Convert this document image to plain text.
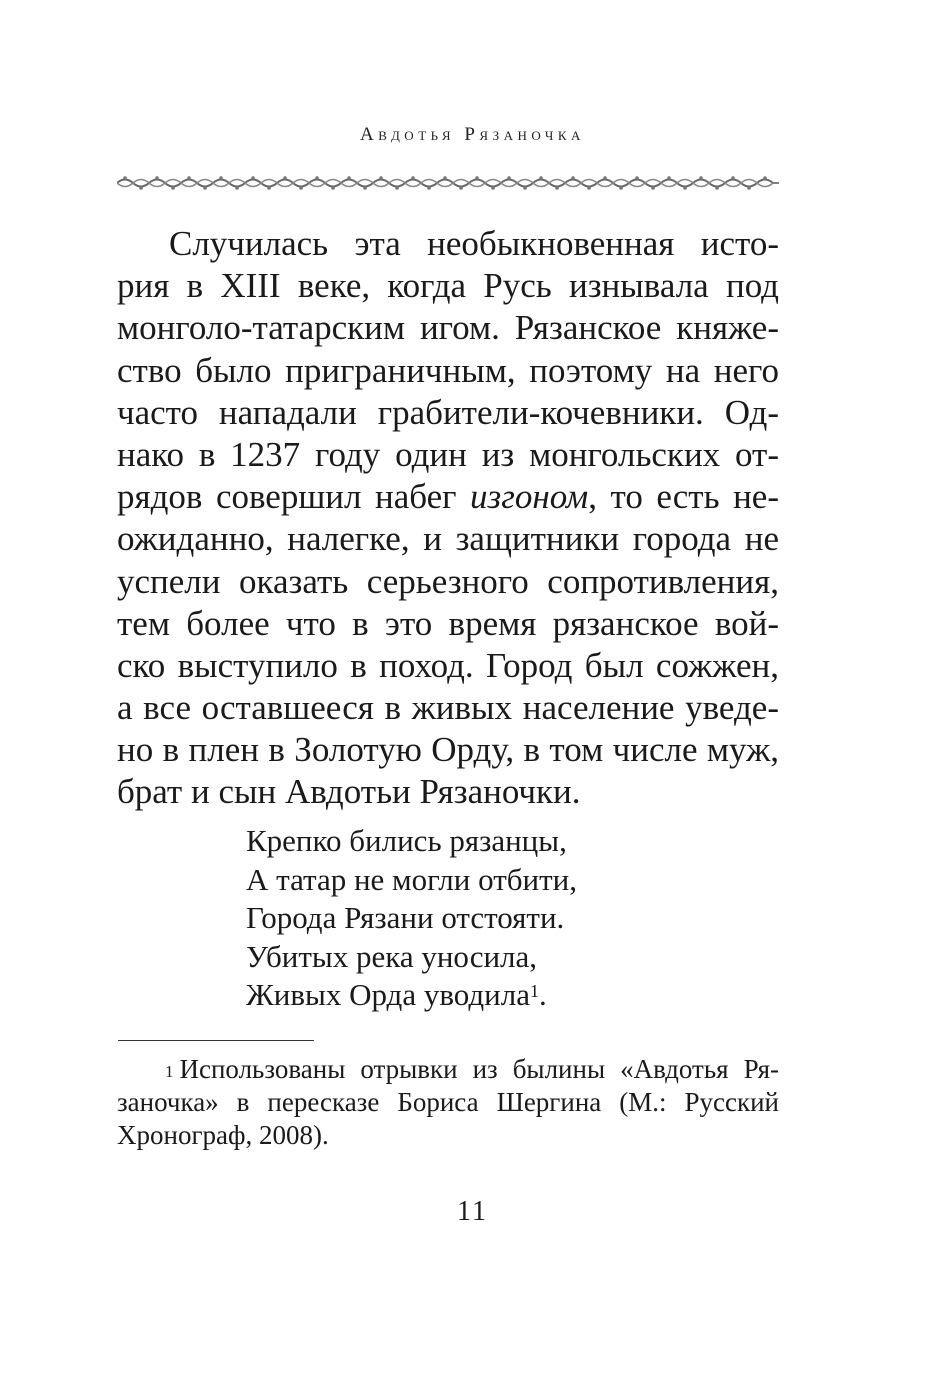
Авдотья Рязаночка
Случилась эта необыкновенная исто-
рия в XIII веке, когда Русь изнывала под
монголо-татарским игом. Рязанское княже-
ство было приграничным, поэтому на него
часто нападали грабители-кочевники. Од-
нако в 1237 году один из монгольских от-
рядов совершил набег изгоном, то есть не-
ожиданно, налегке, и защитники города не
успели оказать серьезного сопротивления,
тем более что в это время рязанское вой-
ско выступило в поход. Город был сожжен,
а все оставшееся в живых население уведе-
но в плен в Золотую Орду, в том числе муж,
брат и сын Авдотьи Рязаночки.
Крепко бились рязанцы,
А татар не могли отбити,
Города Рязани отстояти.
Убитых река уносила,
Живых Орда уводила$^1$.
$^1$ Использованы отрывки из былины «Авдотья Ря-
заночка» в пересказе Бориса Шергина (М.: Русский
Хронограф, 2008).
11
